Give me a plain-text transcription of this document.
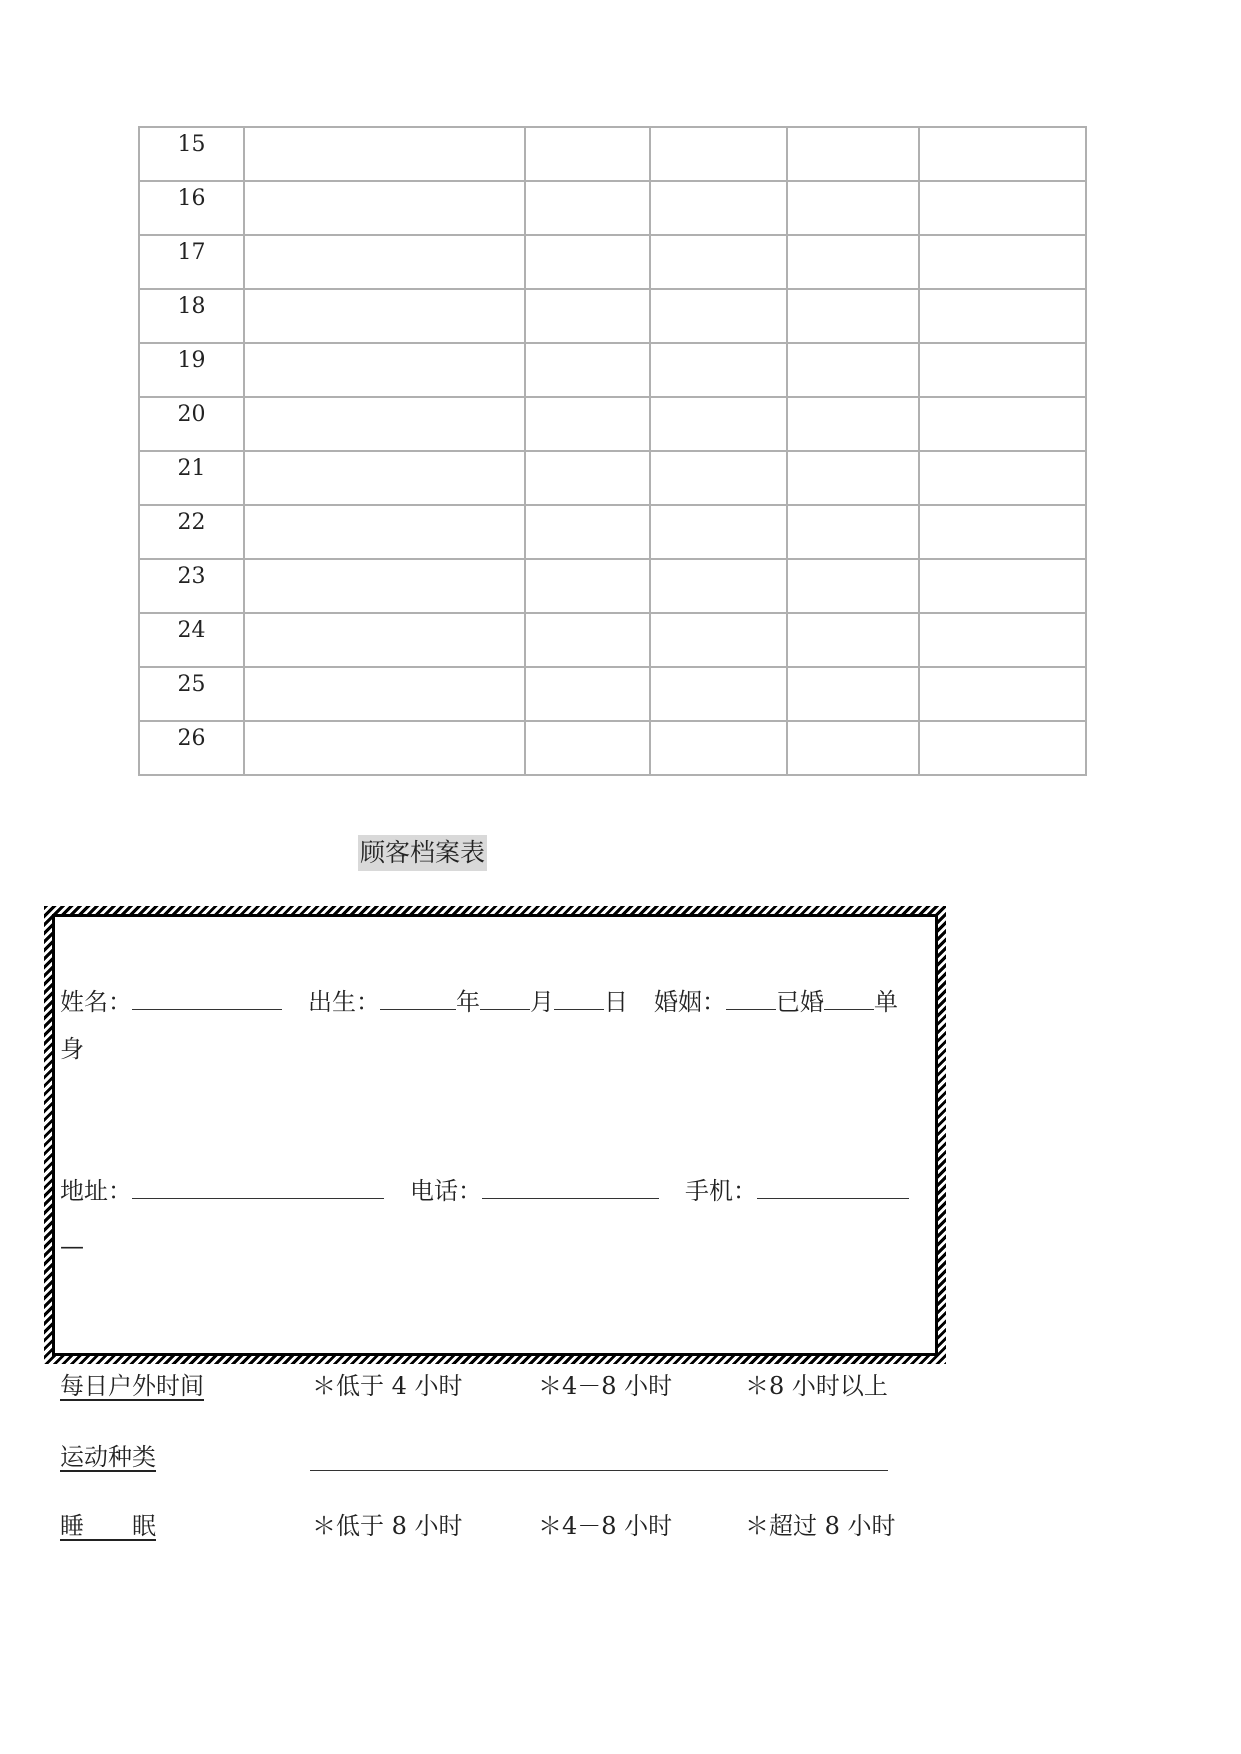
15					
16					
17					
18					
19					
20					
21					
22					
23					
24					
25					
26					
顾客档案表
姓名：	出生：	年 月 日 婚姻： 已婚 单
身
地址：	电话：	手机：
—
每日户外时间	＊低于 4 小时	＊4－8 小时	＊8 小时以上
运动种类
睡　　眠	＊低于 8 小时	＊4－8 小时	＊超过 8 小时
